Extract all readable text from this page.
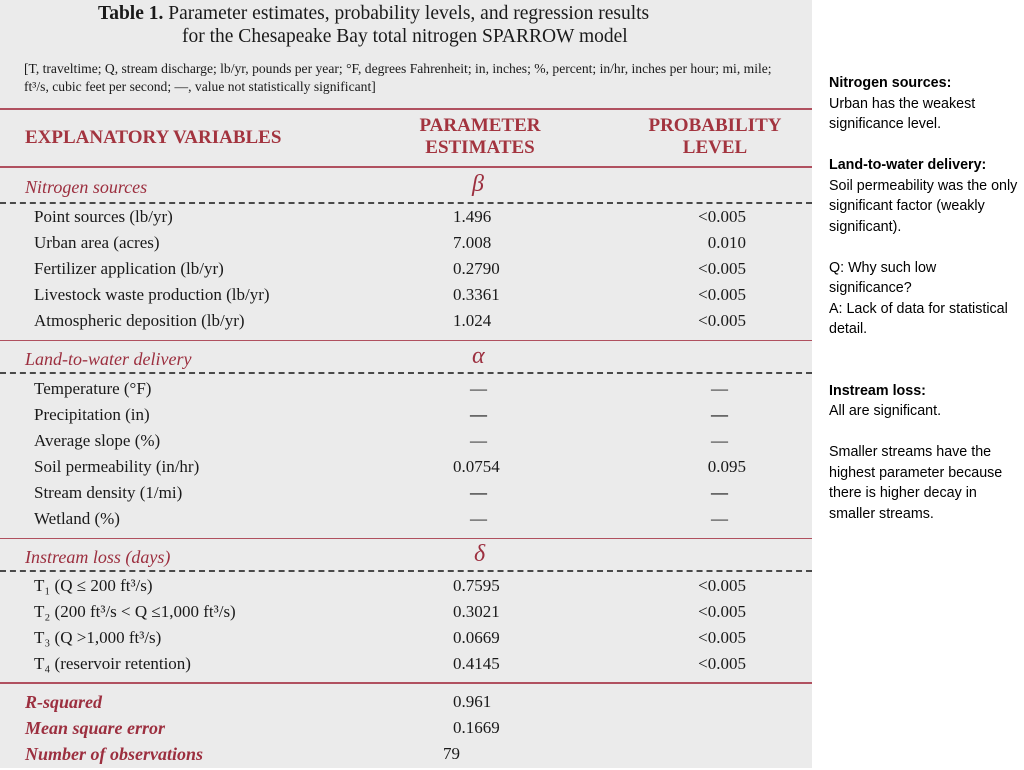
Table 1. Parameter estimates, probability levels, and regression results
for the Chesapeake Bay total nitrogen SPARROW model
[T, traveltime; Q, stream discharge; lb/yr, pounds per year; °F, degrees Fahrenheit; in, inches; %, percent; in/hr, inches per hour; mi, mile; ft³/s, cubic feet per second; —, value not statistically significant]
EXPLANATORY VARIABLES
PARAMETER
ESTIMATES
PROBABILITY
LEVEL
Nitrogen sources	β
Point sources (lb/yr)	1.496	<0.005
Urban area (acres)	7.008	0.010
Fertilizer application (lb/yr)	0.2790	<0.005
Livestock waste production (lb/yr)	0.3361	<0.005
Atmospheric deposition (lb/yr)	1.024	<0.005
Land-to-water delivery	α
Temperature (°F)	—	—
Precipitation (in)	—	—
Average slope (%)	—	—
Soil permeability (in/hr)	0.0754	0.095
Stream density (1/mi)	—	—
Wetland (%)	—	—
Instream loss (days)	δ
T₁ (Q ≤ 200 ft³/s)	0.7595	<0.005
T₂ (200 ft³/s < Q ≤1,000 ft³/s)	0.3021	<0.005
T₃ (Q >1,000 ft³/s)	0.0669	<0.005
T₄ (reservoir retention)	0.4145	<0.005
R-squared	0.961
Mean square error	0.1669
Number of observations	79

Nitrogen sources:

Urban has the weakest significance level.

Land-to-water delivery:

Soil permeability was the only significant factor (weakly significant).

Q: Why such low significance?

A: Lack of data for statistical detail.

Instream loss:

All are significant.

Smaller streams have the highest parameter because there is higher decay in smaller streams.
